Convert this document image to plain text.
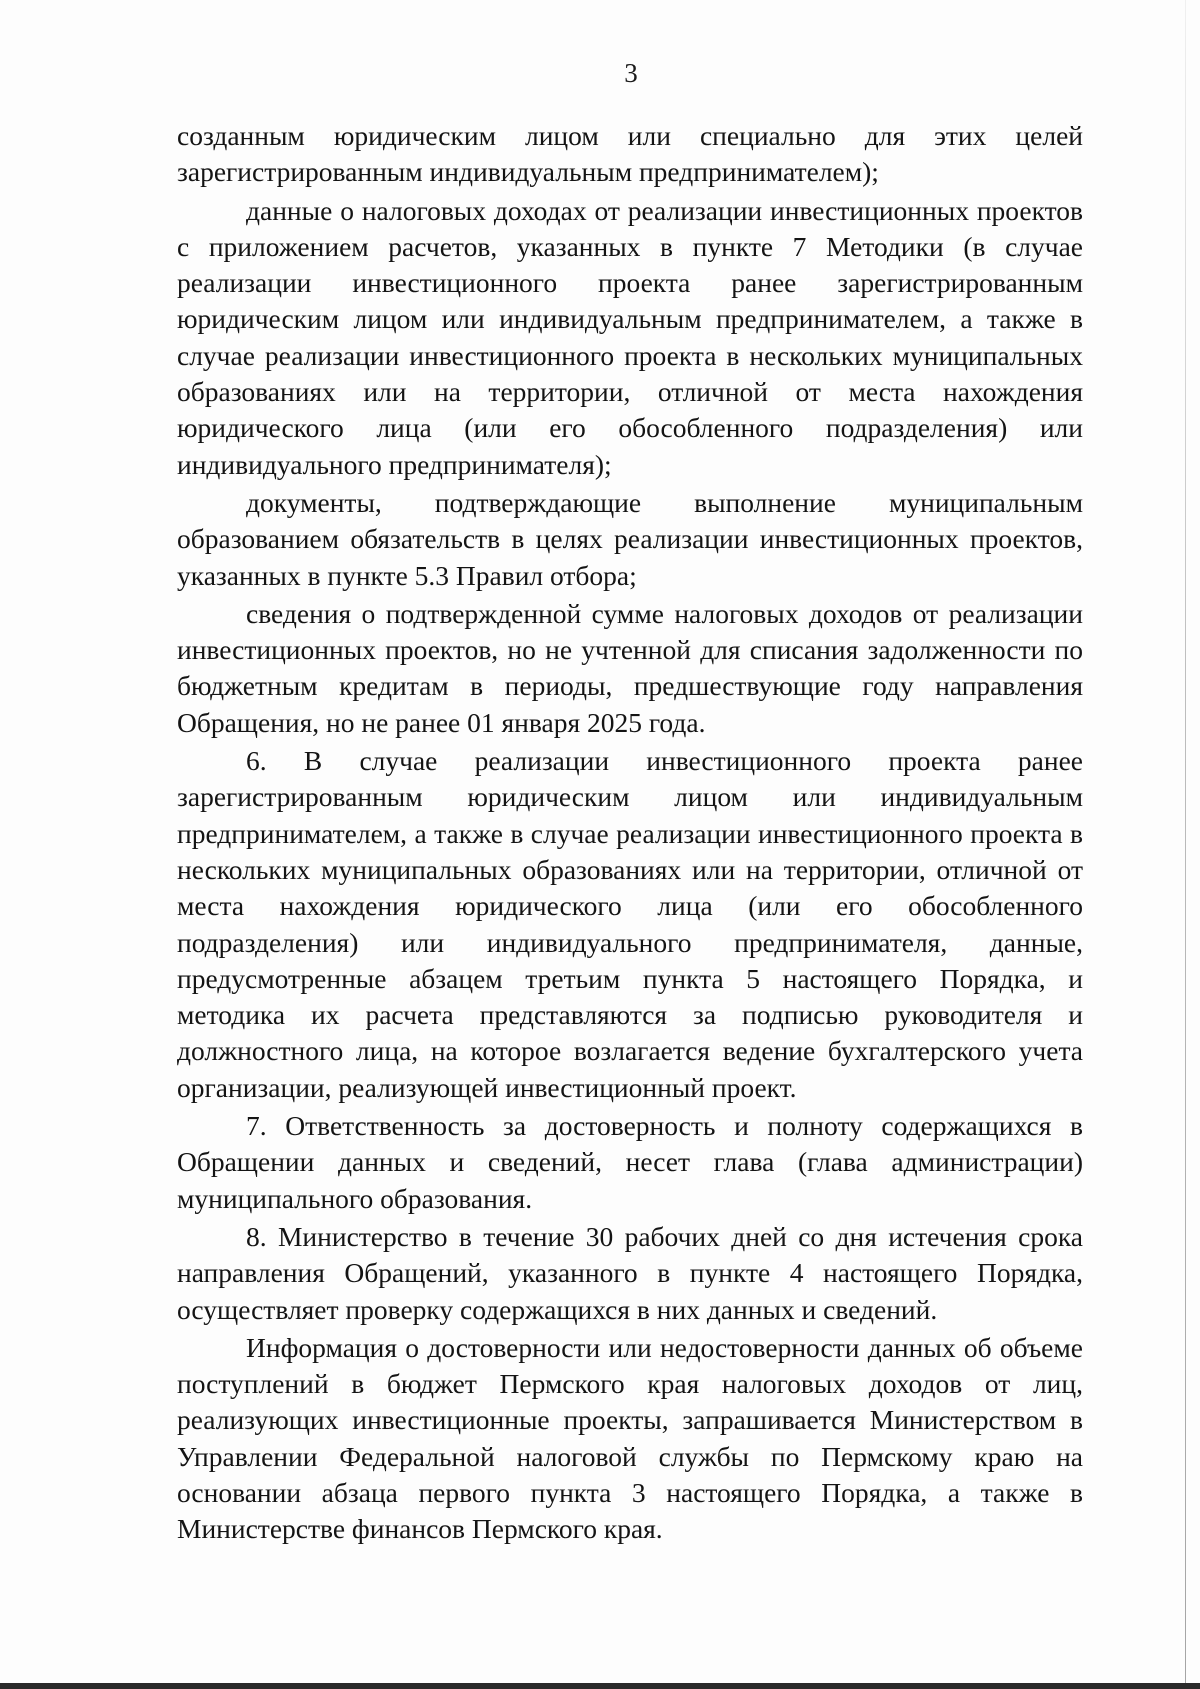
3

созданным юридическим лицом или специально для этих целей зарегистрированным индивидуальным предпринимателем);

данные о налоговых доходах от реализации инвестиционных проектов с приложением расчетов, указанных в пункте 7 Методики (в случае реализации инвестиционного проекта ранее зарегистрированным юридическим лицом или индивидуальным предпринимателем, а также в случае реализации инвестиционного проекта в нескольких муниципальных образованиях или на территории, отличной от места нахождения юридического лица (или его обособленного подразделения) или индивидуального предпринимателя);

документы, подтверждающие выполнение муниципальным образованием обязательств в целях реализации инвестиционных проектов, указанных в пункте 5.3 Правил отбора;

сведения о подтвержденной сумме налоговых доходов от реализации инвестиционных проектов, но не учтенной для списания задолженности по бюджетным кредитам в периоды, предшествующие году направления Обращения, но не ранее 01 января 2025 года.

6. В случае реализации инвестиционного проекта ранее зарегистрированным юридическим лицом или индивидуальным предпринимателем, а также в случае реализации инвестиционного проекта в нескольких муниципальных образованиях или на территории, отличной от места нахождения юридического лица (или его обособленного подразделения) или индивидуального предпринимателя, данные, предусмотренные абзацем третьим пункта 5 настоящего Порядка, и методика их расчета представляются за подписью руководителя и должностного лица, на которое возлагается ведение бухгалтерского учета организации, реализующей инвестиционный проект.

7. Ответственность за достоверность и полноту содержащихся в Обращении данных и сведений, несет глава (глава администрации) муниципального образования.

8. Министерство в течение 30 рабочих дней со дня истечения срока направления Обращений, указанного в пункте 4 настоящего Порядка, осуществляет проверку содержащихся в них данных и сведений.

Информация о достоверности или недостоверности данных об объеме поступлений в бюджет Пермского края налоговых доходов от лиц, реализующих инвестиционные проекты, запрашивается Министерством в Управлении Федеральной налоговой службы по Пермскому краю на основании абзаца первого пункта 3 настоящего Порядка, а также в Министерстве финансов Пермского края.
